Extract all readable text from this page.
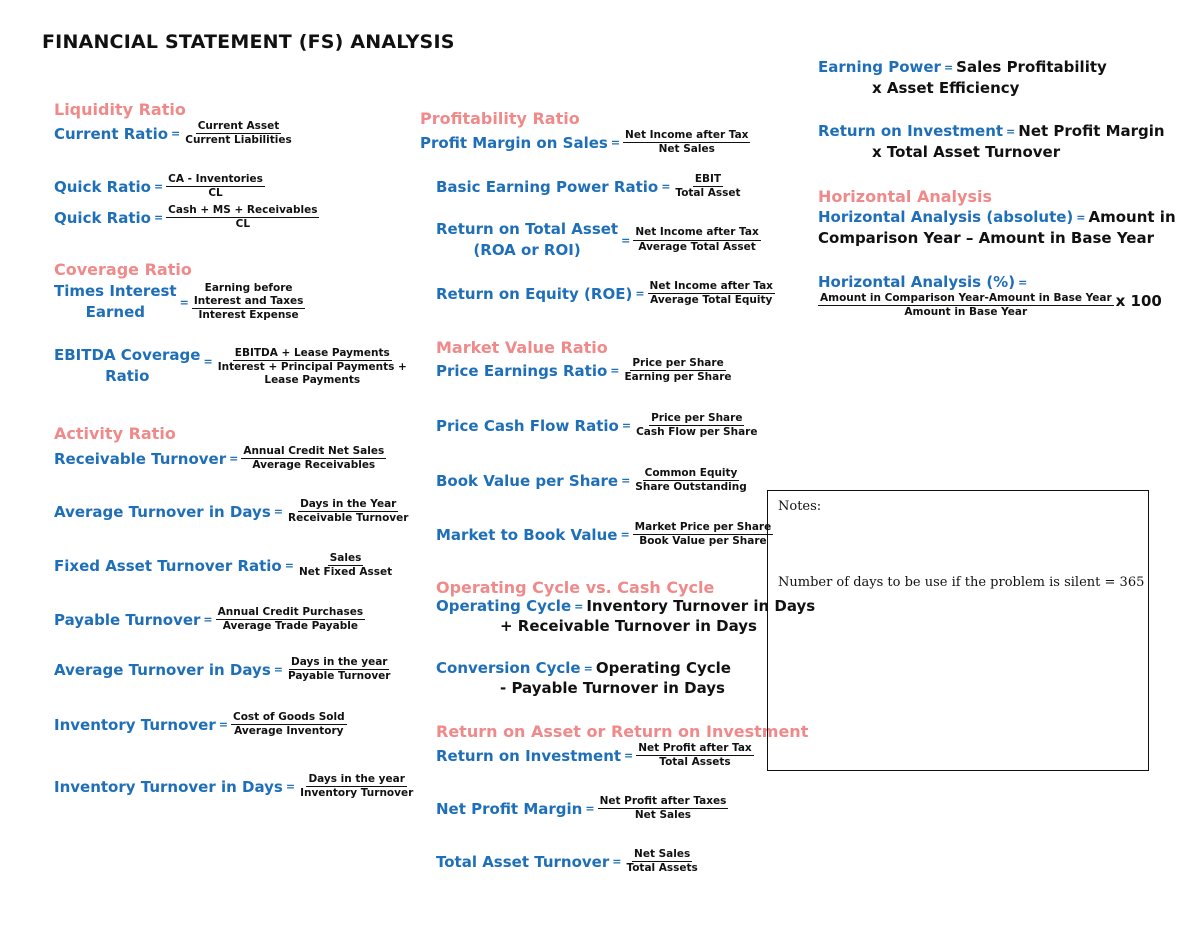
FINANCIAL STATEMENT (FS) ANALYSIS
Liquidity Ratio
Current Ratio = $\frac{\text{Current Asset}}{\text{Current Liabilities}}$
Quick Ratio = $\frac{\text{CA - Inventories}}{CL}$
Quick Ratio = $\frac{\text{Cash + MS + Receivables}}{CL}$
Coverage Ratio
Times Interest
Earned
=
Earning before
Interest and Taxes
Interest Expense
EBITDA Coverage
Ratio
=
EBITDA + Lease Payments
Interest + Principal Payments +
Lease Payments
Activity Ratio
Receivable Turnover = $\frac{\text{Annual Credit Net Sales}}{\text{Average Receivables}}$
Average Turnover in Days = $\frac{\text{Days in the Year}}{\text{Receivable Turnover}}$
Fixed Asset Turnover Ratio = $\frac{\text{Sales}}{\text{Net Fixed Asset}}$
Payable Turnover = $\frac{\text{Annual Credit Purchases}}{\text{Average Trade Payable}}$
Average Turnover in Days = $\frac{\text{Days in the year}}{\text{Payable Turnover}}$
Inventory Turnover = $\frac{\text{Cost of Goods Sold}}{\text{Average Inventory}}$
Inventory Turnover in Days = $\frac{\text{Days in the year}}{\text{Inventory Turnover}}$
Profitability Ratio
Profit Margin on Sales = $\frac{\text{Net Income after Tax}}{\text{Net Sales}}$
Basic Earning Power Ratio = $\frac{\text{EBIT}}{\text{Total Asset}}$
Return on Total Asset
(ROA or ROI)
= $\frac{\text{Net Income after Tax}}{\text{Average Total Asset}}$
Return on Equity $(ROE) = \frac{\text{Net Income after Tax}}{\text{Average Total Equity}}$
Market Value Ratio
Price Earnings Ratio = $\frac{\text{Price per Share}}{\text{Earning per Share}}$
Price Cash Flow Ratio = $\frac{\text{Price per Share}}{\text{Cash Flow per Share}}$
Book Value per Share = $\frac{\text{Common Equity}}{\text{Share Outstanding}}$
Market to Book Value = $\frac{\text{Market Price per Share}}{\text{Book Value per Share}}$
Operating Cycle vs. Cash Cycle
Operating Cycle = Inventory Turnover in Days
+ Receivable Turnover in Days
Conversion Cycle = Operating Cycle
- Payable Turnover in Days
Return on Asset or Return on Investment
Return on Investment = $\frac{\text{Net Profit after Tax}}{\text{Total Assets}}$
Net Profit Margin = $\frac{\text{Net Profit after Taxes}}{\text{Net Sales}}$
Total Asset Turnover = $\frac{\text{Net Sales}}{\text{Total Assets}}$
Earning Power = Sales Profitability
x Asset Efficiency
Return on Investment = Net Profit Margin
x Total Asset Turnover
Horizontal Analysis
Horizontal Analysis (absolute) = Amount in
Comparison Year – Amount in Base Year
Horizontal Analysis (%) =
$\frac{\text{Amount in Comparison Year-Amount in Base Year}}{\text{Amount in Base Year}}$ x 100
Notes:
Number of days to be use if the problem is silent = 365
